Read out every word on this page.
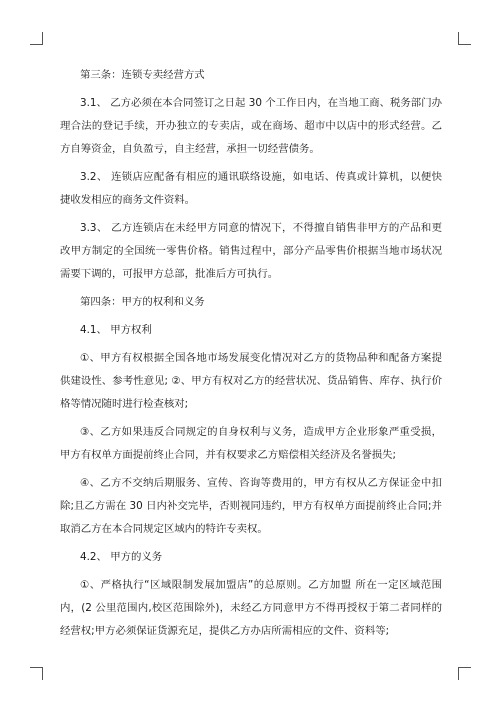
第三条：连锁专卖经营方式

3.1、 乙方必须在本合同签订之日起 30 个工作日内，在当地工商、税务部门办理合法的登记手续，开办独立的专卖店，或在商场、超市中以店中的形式经营。乙方自筹资金，自负盈亏，自主经营，承担一切经营债务。

3.2、 连锁店应配备有相应的通讯联络设施，如电话、传真或计算机，以便快捷收发相应的商务文件资料。

3.3、 乙方连锁店在未经甲方同意的情况下，不得擅自销售非甲方的产品和更改甲方制定的全国统一零售价格。销售过程中，部分产品零售价根据当地市场状况需要下调的，可报甲方总部，批准后方可执行。

第四条：甲方的权利和义务

4.1、 甲方权利

①、甲方有权根据全国各地市场发展变化情况对乙方的货物品种和配备方案提供建设性、参考性意见; ②、甲方有权对乙方的经营状况、货品销售、库存、执行价格等情况随时进行检查核对;

③、乙方如果违反合同规定的自身权利与义务，造成甲方企业形象严重受损，甲方有权单方面提前终止合同，并有权要求乙方赔偿相关经济及名誉损失;

④、乙方不交纳后期服务、宣传、咨询等费用的，甲方有权从乙方保证金中扣除;且乙方需在 30 日内补交完毕，否则视同违约，甲方有权单方面提前终止合同;并取消乙方在本合同规定区域内的特许专卖权。

4.2、 甲方的义务

①、严格执行“区域限制发展加盟店”的总原则。乙方加盟 所在一定区域范围内，(2 公里范围内,校区范围除外)，未经乙方同意甲方不得再授权于第二者同样的经营权;甲方必须保证货源充足，提供乙方办店所需相应的文件、资料等;
